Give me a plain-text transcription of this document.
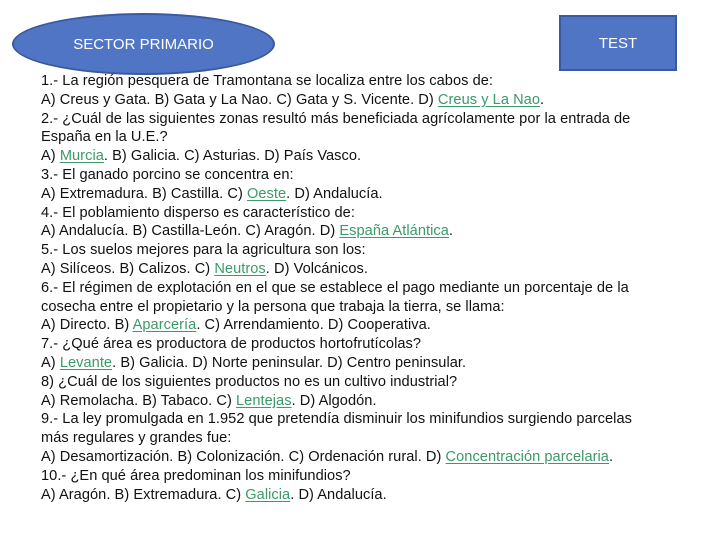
SECTOR PRIMARIO	TEST
1.- La región pesquera de Tramontana se localiza entre los cabos de:
A) Creus y Gata. B) Gata y La Nao. C) Gata y S. Vicente. D) Creus y La Nao.
2.- ¿Cuál de las siguientes zonas resultó más beneficiada agrícolamente por la entrada de
España en la U.E.?
A) Murcia. B) Galicia. C) Asturias. D) País Vasco.
3.- El ganado porcino se concentra en:
A) Extremadura. B) Castilla. C) Oeste. D) Andalucía.
4.- El poblamiento disperso es característico de:
A) Andalucía. B) Castilla-León. C) Aragón. D) España Atlántica.
5.- Los suelos mejores para la agricultura son los:
A) Silíceos. B) Calizos. C) Neutros. D) Volcánicos.
6.- El régimen de explotación en el que se establece el pago mediante un porcentaje de la
cosecha entre el propietario y la persona que trabaja la tierra, se llama:
A) Directo. B) Aparcería. C) Arrendamiento. D) Cooperativa.
7.- ¿Qué área es productora de productos hortofrutícolas?
A) Levante. B) Galicia. D) Norte peninsular. D) Centro peninsular.
8) ¿Cuál de los siguientes productos no es un cultivo industrial?
A) Remolacha. B) Tabaco. C) Lentejas. D) Algodón.
9.- La ley promulgada en 1.952 que pretendía disminuir los minifundios surgiendo parcelas
más regulares y grandes fue:
A) Desamortización. B) Colonización. C) Ordenación rural. D) Concentración parcelaria.
10.- ¿En qué área predominan los minifundios?
A) Aragón. B) Extremadura. C) Galicia. D) Andalucía.
